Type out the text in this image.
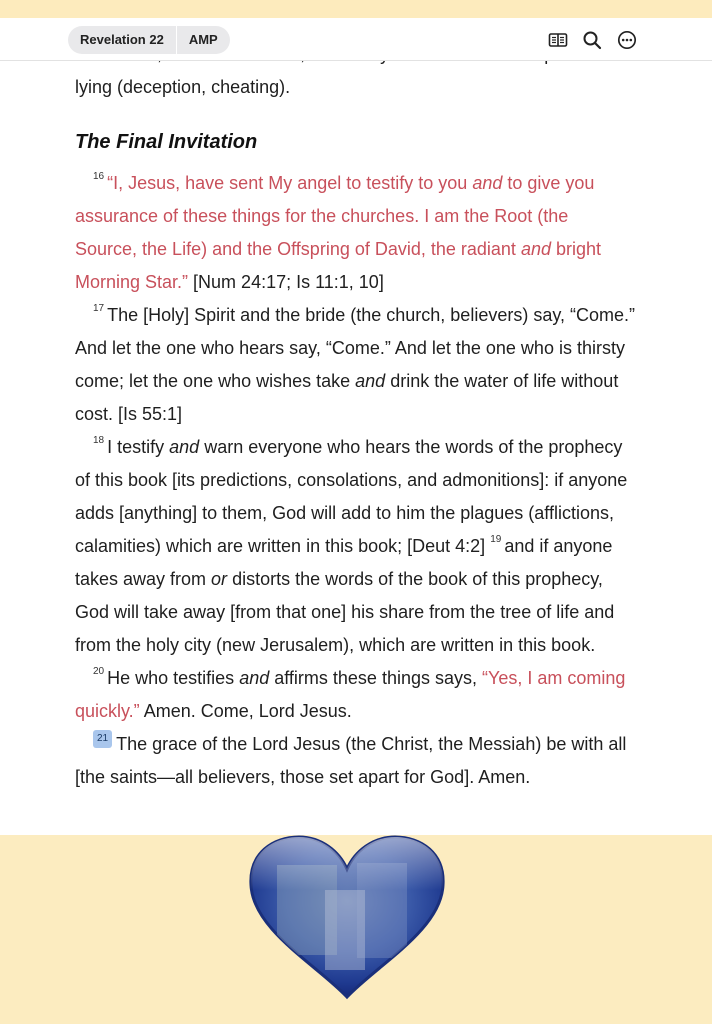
lying (deception, cheating).

The Final Invitation

$^{16}$ “I, Jesus, have sent My angel to testify to you and to give you assurance of these things for the churches. I am the Root (the Source, the Life) and the Offspring of David, the radiant and bright Morning Star.” [Num 24:17; Is 11:1, 10]

$^{17}$ The [Holy] Spirit and the bride (the church, believers) say, “Come.” And let the one who hears say, “Come.” And let the one who is thirsty come; let the one who wishes take and drink the water of life without cost. [Is 55:1]

$^{18}$ I testify and warn everyone who hears the words of the prophecy of this book [its predictions, consolations, and admonitions]: if anyone adds [anything] to them, God will add to him the plagues (afflictions, calamities) which are written in this book; [Deut 4:2] $^{19}$ and if anyone takes away from or distorts the words of the book of this prophecy, God will take away [from that one] his share from the tree of life and from the holy city (new Jerusalem), which are written in this book.

$^{20}$ He who testifies and affirms these things says, “Yes, I am coming quickly.” Amen. Come, Lord Jesus.

21 The grace of the Lord Jesus (the Christ, the Messiah) be with all [the saints—all believers, those set apart for God]. Amen.

Revelation 22	AMP
